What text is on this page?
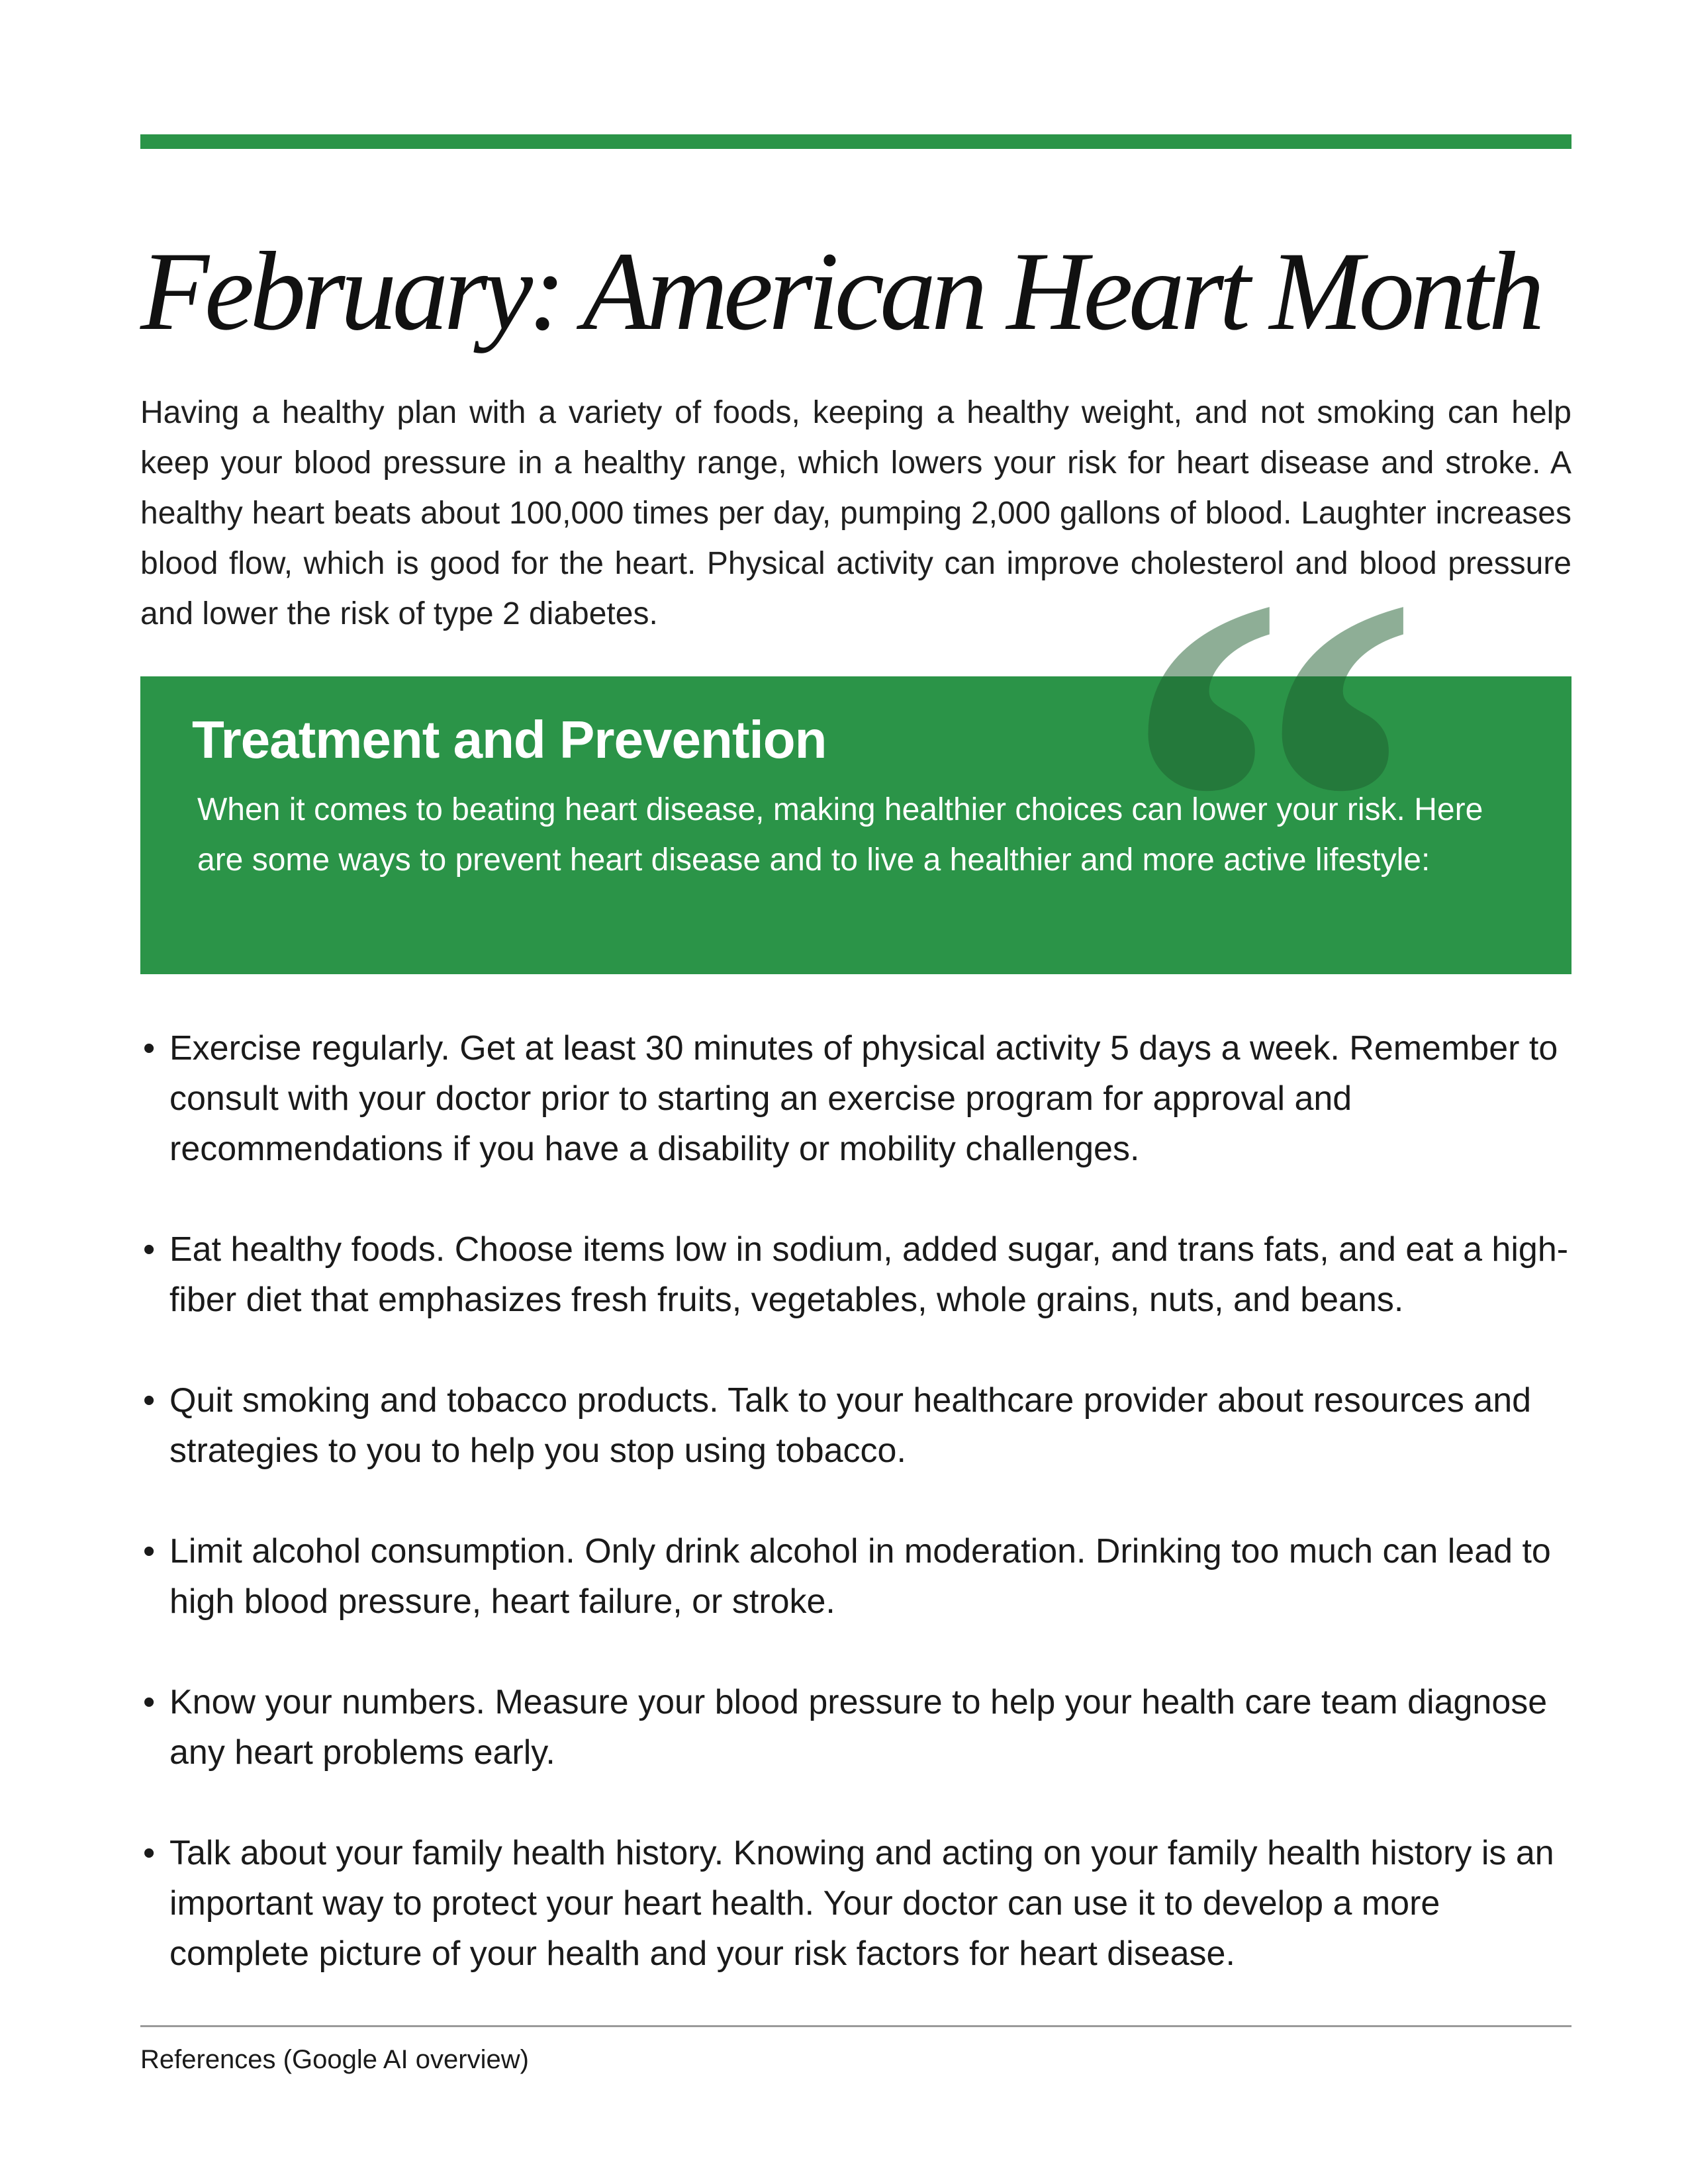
February: American Heart Month

Having a healthy plan with a variety of foods, keeping a healthy weight, and not smoking can help keep your blood pressure in a healthy range, which lowers your risk for heart disease and stroke. A healthy heart beats about 100,000 times per day, pumping 2,000 gallons of blood. Laughter increases blood flow, which is good for the heart. Physical activity can improve cholesterol and blood pressure and lower the risk of type 2 diabetes. “
Treatment and Prevention

When it comes to beating heart disease, making healthier choices can lower your risk. Here are some ways to prevent heart disease and to live a healthier and more active lifestyle:

• Exercise regularly. Get at least 30 minutes of physical activity 5 days a week. Remember to consult with your doctor prior to starting an exercise program for approval and recommendations if you have a disability or mobility challenges.
• Eat healthy foods. Choose items low in sodium, added sugar, and trans fats, and eat a high-fiber diet that emphasizes fresh fruits, vegetables, whole grains, nuts, and beans.
• Quit smoking and tobacco products. Talk to your healthcare provider about resources and strategies to you to help you stop using tobacco.
• Limit alcohol consumption. Only drink alcohol in moderation. Drinking too much can lead to high blood pressure, heart failure, or stroke.
• Know your numbers. Measure your blood pressure to help your health care team diagnose any heart problems early.
• Talk about your family health history. Knowing and acting on your family health history is an important way to protect your heart health. Your doctor can use it to develop a more complete picture of your health and your risk factors for heart disease.

References (Google AI overview)
